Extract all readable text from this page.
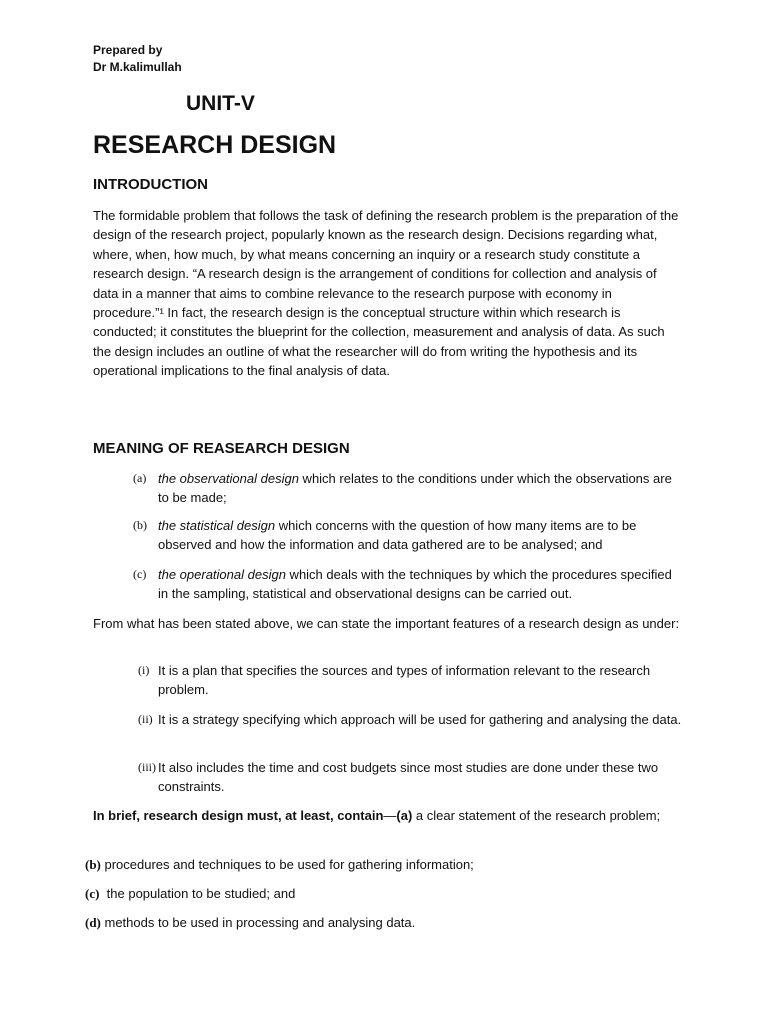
Prepared by
Dr M.kalimullah
UNIT-V
RESEARCH DESIGN
INTRODUCTION
The formidable problem that follows the task of defining the research problem is the preparation of the design of the research project, popularly known as the research design. Decisions regarding what, where, when, how much, by what means concerning an inquiry or a research study constitute a research design. “A research design is the arrangement of conditions for collection and analysis of data in a manner that aims to combine relevance to the research purpose with economy in procedure.”¹ In fact, the research design is the conceptual structure within which research is conducted; it constitutes the blueprint for the collection, measurement and analysis of data. As such the design includes an outline of what the researcher will do from writing the hypothesis and its operational implications to the final analysis of data.
MEANING OF REASEARCH DESIGN
(a) the observational design which relates to the conditions under which the observations are to be made;
(b) the statistical design which concerns with the question of how many items are to be observed and how the information and data gathered are to be analysed; and
(c) the operational design which deals with the techniques by which the procedures specified in the sampling, statistical and observational designs can be carried out.
From what has been stated above, we can state the important features of a research design as under:
(i) It is a plan that specifies the sources and types of information relevant to the research problem.
(ii) It is a strategy specifying which approach will be used for gathering and analysing the data.
(iii) It also includes the time and cost budgets since most studies are done under these two constraints.
In brief, research design must, at least, contain—(a) a clear statement of the research problem;
(b) procedures and techniques to be used for gathering information;
(c)  the population to be studied; and
(d) methods to be used in processing and analysing data.
